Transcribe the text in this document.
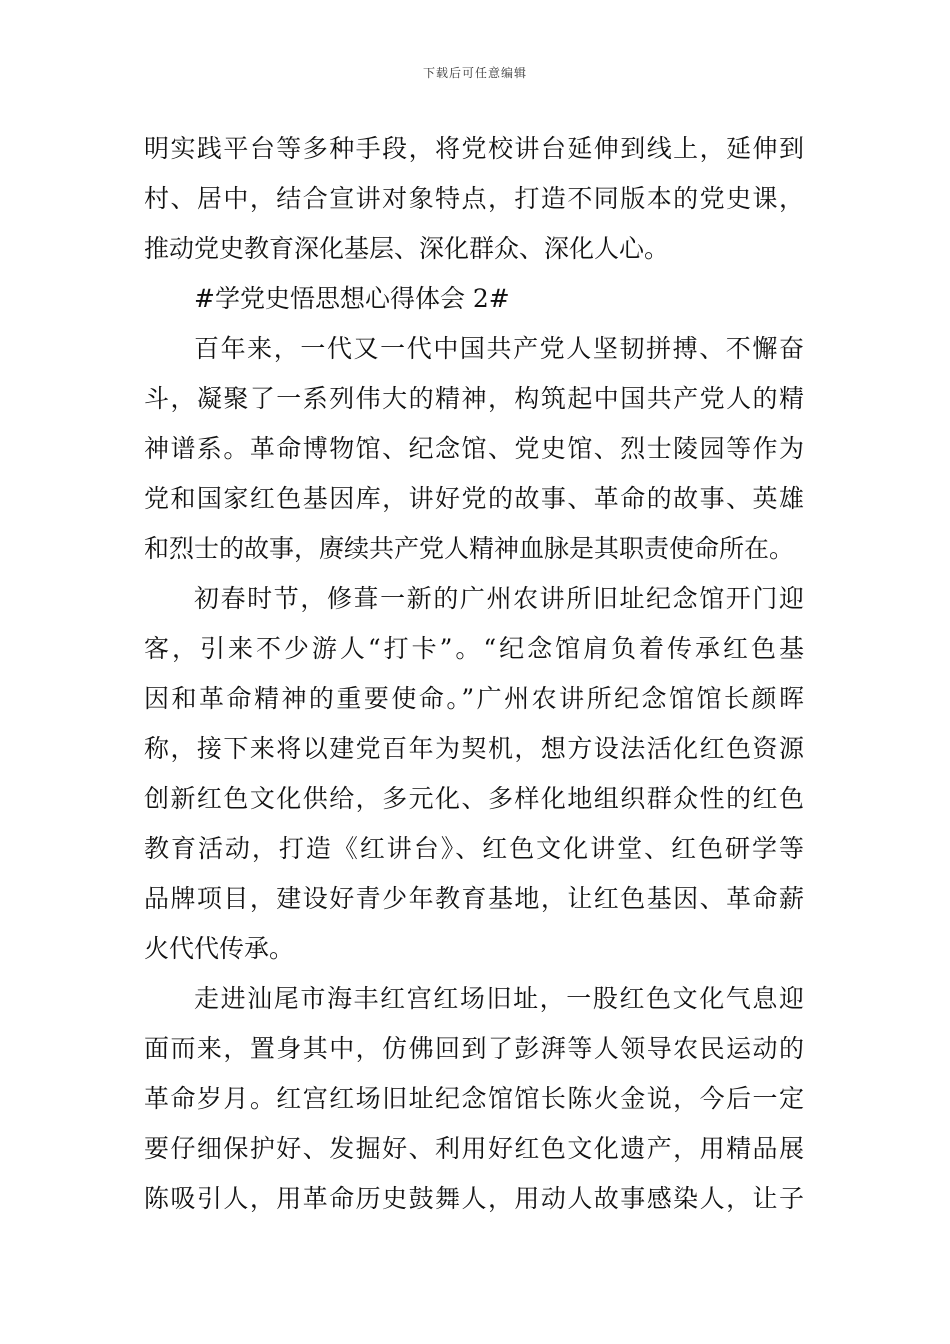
下载后可任意编辑
明实践平台等多种手段，将党校讲台延伸到线上，延伸到
村、居中，结合宣讲对象特点，打造不同版本的党史课，
推动党史教育深化基层、深化群众、深化人心。
#学党史悟思想心得体会 2#
百年来，一代又一代中国共产党人坚韧拼搏、不懈奋
斗，凝聚了一系列伟大的精神，构筑起中国共产党人的精
神谱系。革命博物馆、纪念馆、党史馆、烈士陵园等作为
党和国家红色基因库，讲好党的故事、革命的故事、英雄
和烈士的故事，赓续共产党人精神血脉是其职责使命所在。
初春时节，修葺一新的广州农讲所旧址纪念馆开门迎
客，引来不少游人“打卡”。“纪念馆肩负着传承红色基
因和革命精神的重要使命。”广州农讲所纪念馆馆长颜晖
称，接下来将以建党百年为契机，想方设法活化红色资源
创新红色文化供给，多元化、多样化地组织群众性的红色
教育活动，打造《红讲台》、红色文化讲堂、红色研学等
品牌项目，建设好青少年教育基地，让红色基因、革命薪
火代代传承。
走进汕尾市海丰红宫红场旧址，一股红色文化气息迎
面而来，置身其中，仿佛回到了彭湃等人领导农民运动的
革命岁月。红宫红场旧址纪念馆馆长陈火金说，今后一定
要仔细保护好、发掘好、利用好红色文化遗产，用精品展
陈吸引人，用革命历史鼓舞人，用动人故事感染人，让子
